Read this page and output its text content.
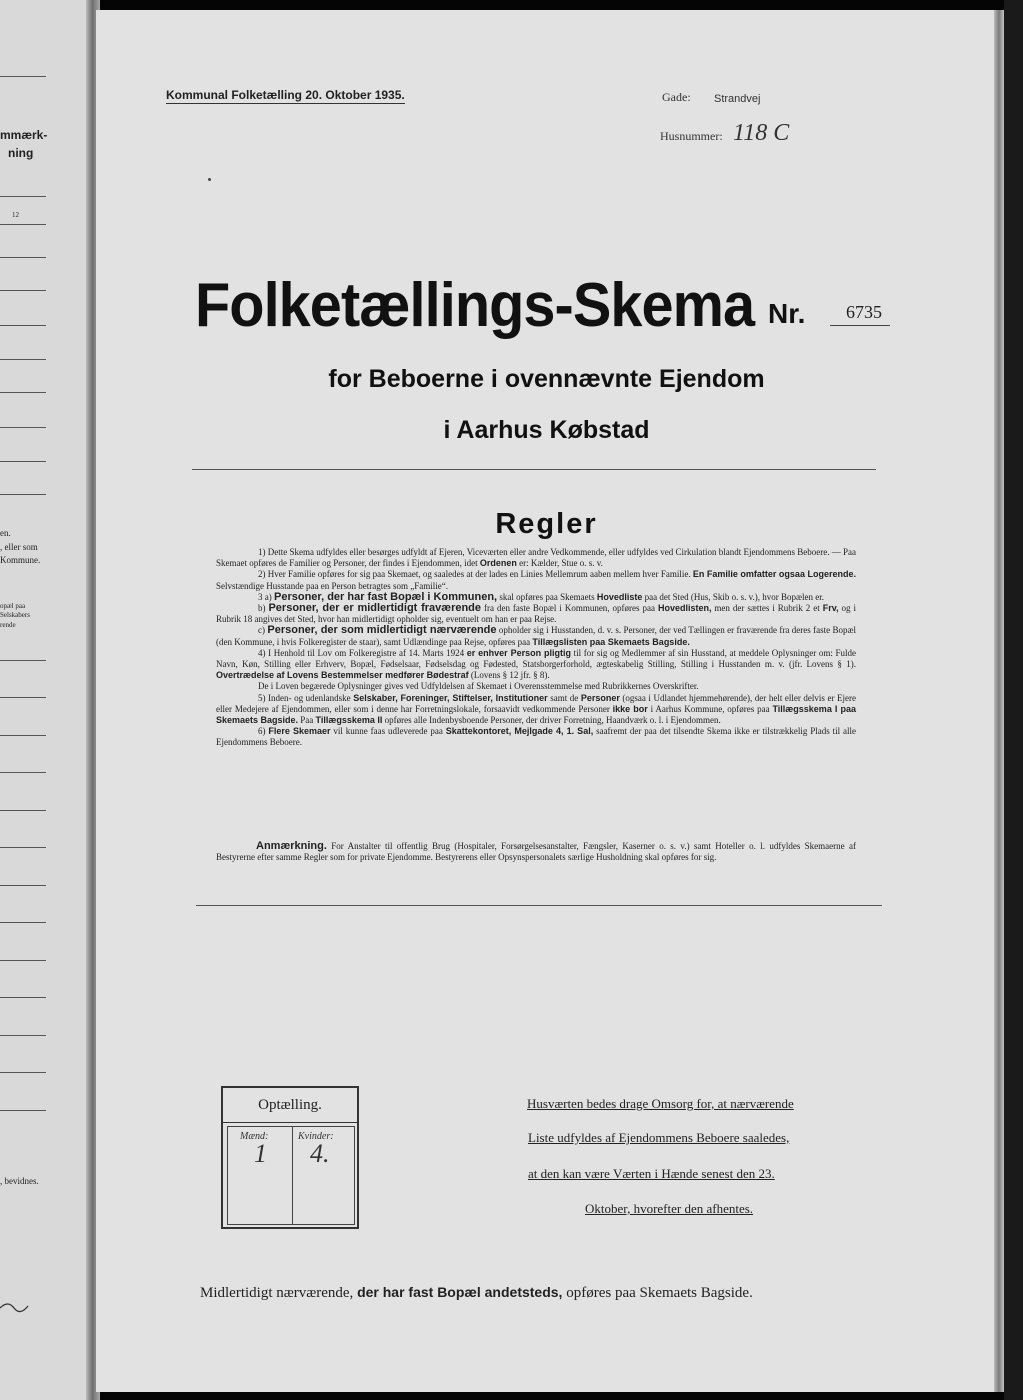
mmærk-
ning
12
en.
, eller som
Kommune.
opæl paa
Selskabers
rende
, bevidnes.
Kommunal Folketælling 20. Oktober 1935.	Gade: Strandvej
Husnummer: 118 C
Folketællings-Skema Nr. 6735
for Beboerne i ovennævnte Ejendom
i Aarhus Købstad
Regler

1) Dette Skema udfyldes eller besørges udfyldt af Ejeren, Viceværten eller andre Vedkommende, eller udfyldes ved Cirkulation blandt Ejendommens Beboere. — Paa Skemaet opføres de Familier og Personer, der findes i Ejendommen, idet Ordenen er: Kælder, Stue o. s. v.

2) Hver Familie opføres for sig paa Skemaet, og saaledes at der lades en Linies Mellemrum aaben mellem hver Familie. En Familie omfatter ogsaa Logerende. Selvstændige Husstande paa en Person betragtes som „Familie“.

3 a) Personer, der har fast Bopæl i Kommunen, skal opføres paa Skemaets Hovedliste paa det Sted (Hus, Skib o. s. v.), hvor Bopælen er.

b) Personer, der er midlertidigt fraværende fra den faste Bopæl i Kommunen, opføres paa Hovedlisten, men der sættes i Rubrik 2 et Frv, og i Rubrik 18 angives det Sted, hvor han midlertidigt opholder sig, eventuelt om han er paa Rejse.

c) Personer, der som midlertidigt nærværende opholder sig i Husstanden, d. v. s. Personer, der ved Tællingen er fraværende fra deres faste Bopæl (den Kommune, i hvis Folkeregister de staar), samt Udlændinge paa Rejse, opføres paa Tillægslisten paa Skemaets Bagside.

4) I Henhold til Lov om Folkeregistre af 14. Marts 1924 er enhver Person pligtig til for sig og Medlemmer af sin Husstand, at meddele Oplysninger om: Fulde Navn, Køn, Stilling eller Erhverv, Bopæl, Fødselsaar, Fødselsdag og Fødested, Statsborgerforhold, ægteskabelig Stilling, Stilling i Husstanden m. v. (jfr. Lovens § 1). Overtrædelse af Lovens Bestemmelser medfører Bødestraf (Lovens § 12 jfr. § 8).

De i Loven begærede Oplysninger gives ved Udfyldelsen af Skemaet i Overensstemmelse med Rubrikkernes Overskrifter.

5) Inden- og udenlandske Selskaber, Foreninger, Stiftelser, Institutioner samt de Personer (ogsaa i Udlandet hjemmehørende), der helt eller delvis er Ejere eller Medejere af Ejendommen, eller som i denne har Forretningslokale, forsaavidt vedkommende Personer ikke bor i Aarhus Kommune, opføres paa Tillægsskema I paa Skemaets Bagside. Paa Tillægsskema II opføres alle Indenbysboende Personer, der driver Forretning, Haandværk o. l. i Ejendommen.

6) Flere Skemaer vil kunne faas udleverede paa Skattekontoret, Mejlgade 4, 1. Sal, saafremt der paa det tilsendte Skema ikke er tilstrækkelig Plads til alle Ejendommens Beboere.

Anmærkning. For Anstalter til offentlig Brug (Hospitaler, Forsørgelsesanstalter, Fængsler, Kaserner o. s. v.) samt Hoteller o. l. udfyldes Skemaerne af Bestyrerne efter samme Regler som for private Ejendomme. Bestyrerens eller Opsynspersonalets særlige Husholdning skal opføres for sig.
Optælling.
Mænd:	Kvinder:
1 4.
Husværten bedes drage Omsorg for, at nærværende
Liste udfyldes af Ejendommens Beboere saaledes,
at den kan være Værten i Hænde senest den 23.
Oktober, hvorefter den afhentes.
Midlertidigt nærværende, der har fast Bopæl andetsteds, opføres paa Skemaets Bagside.
